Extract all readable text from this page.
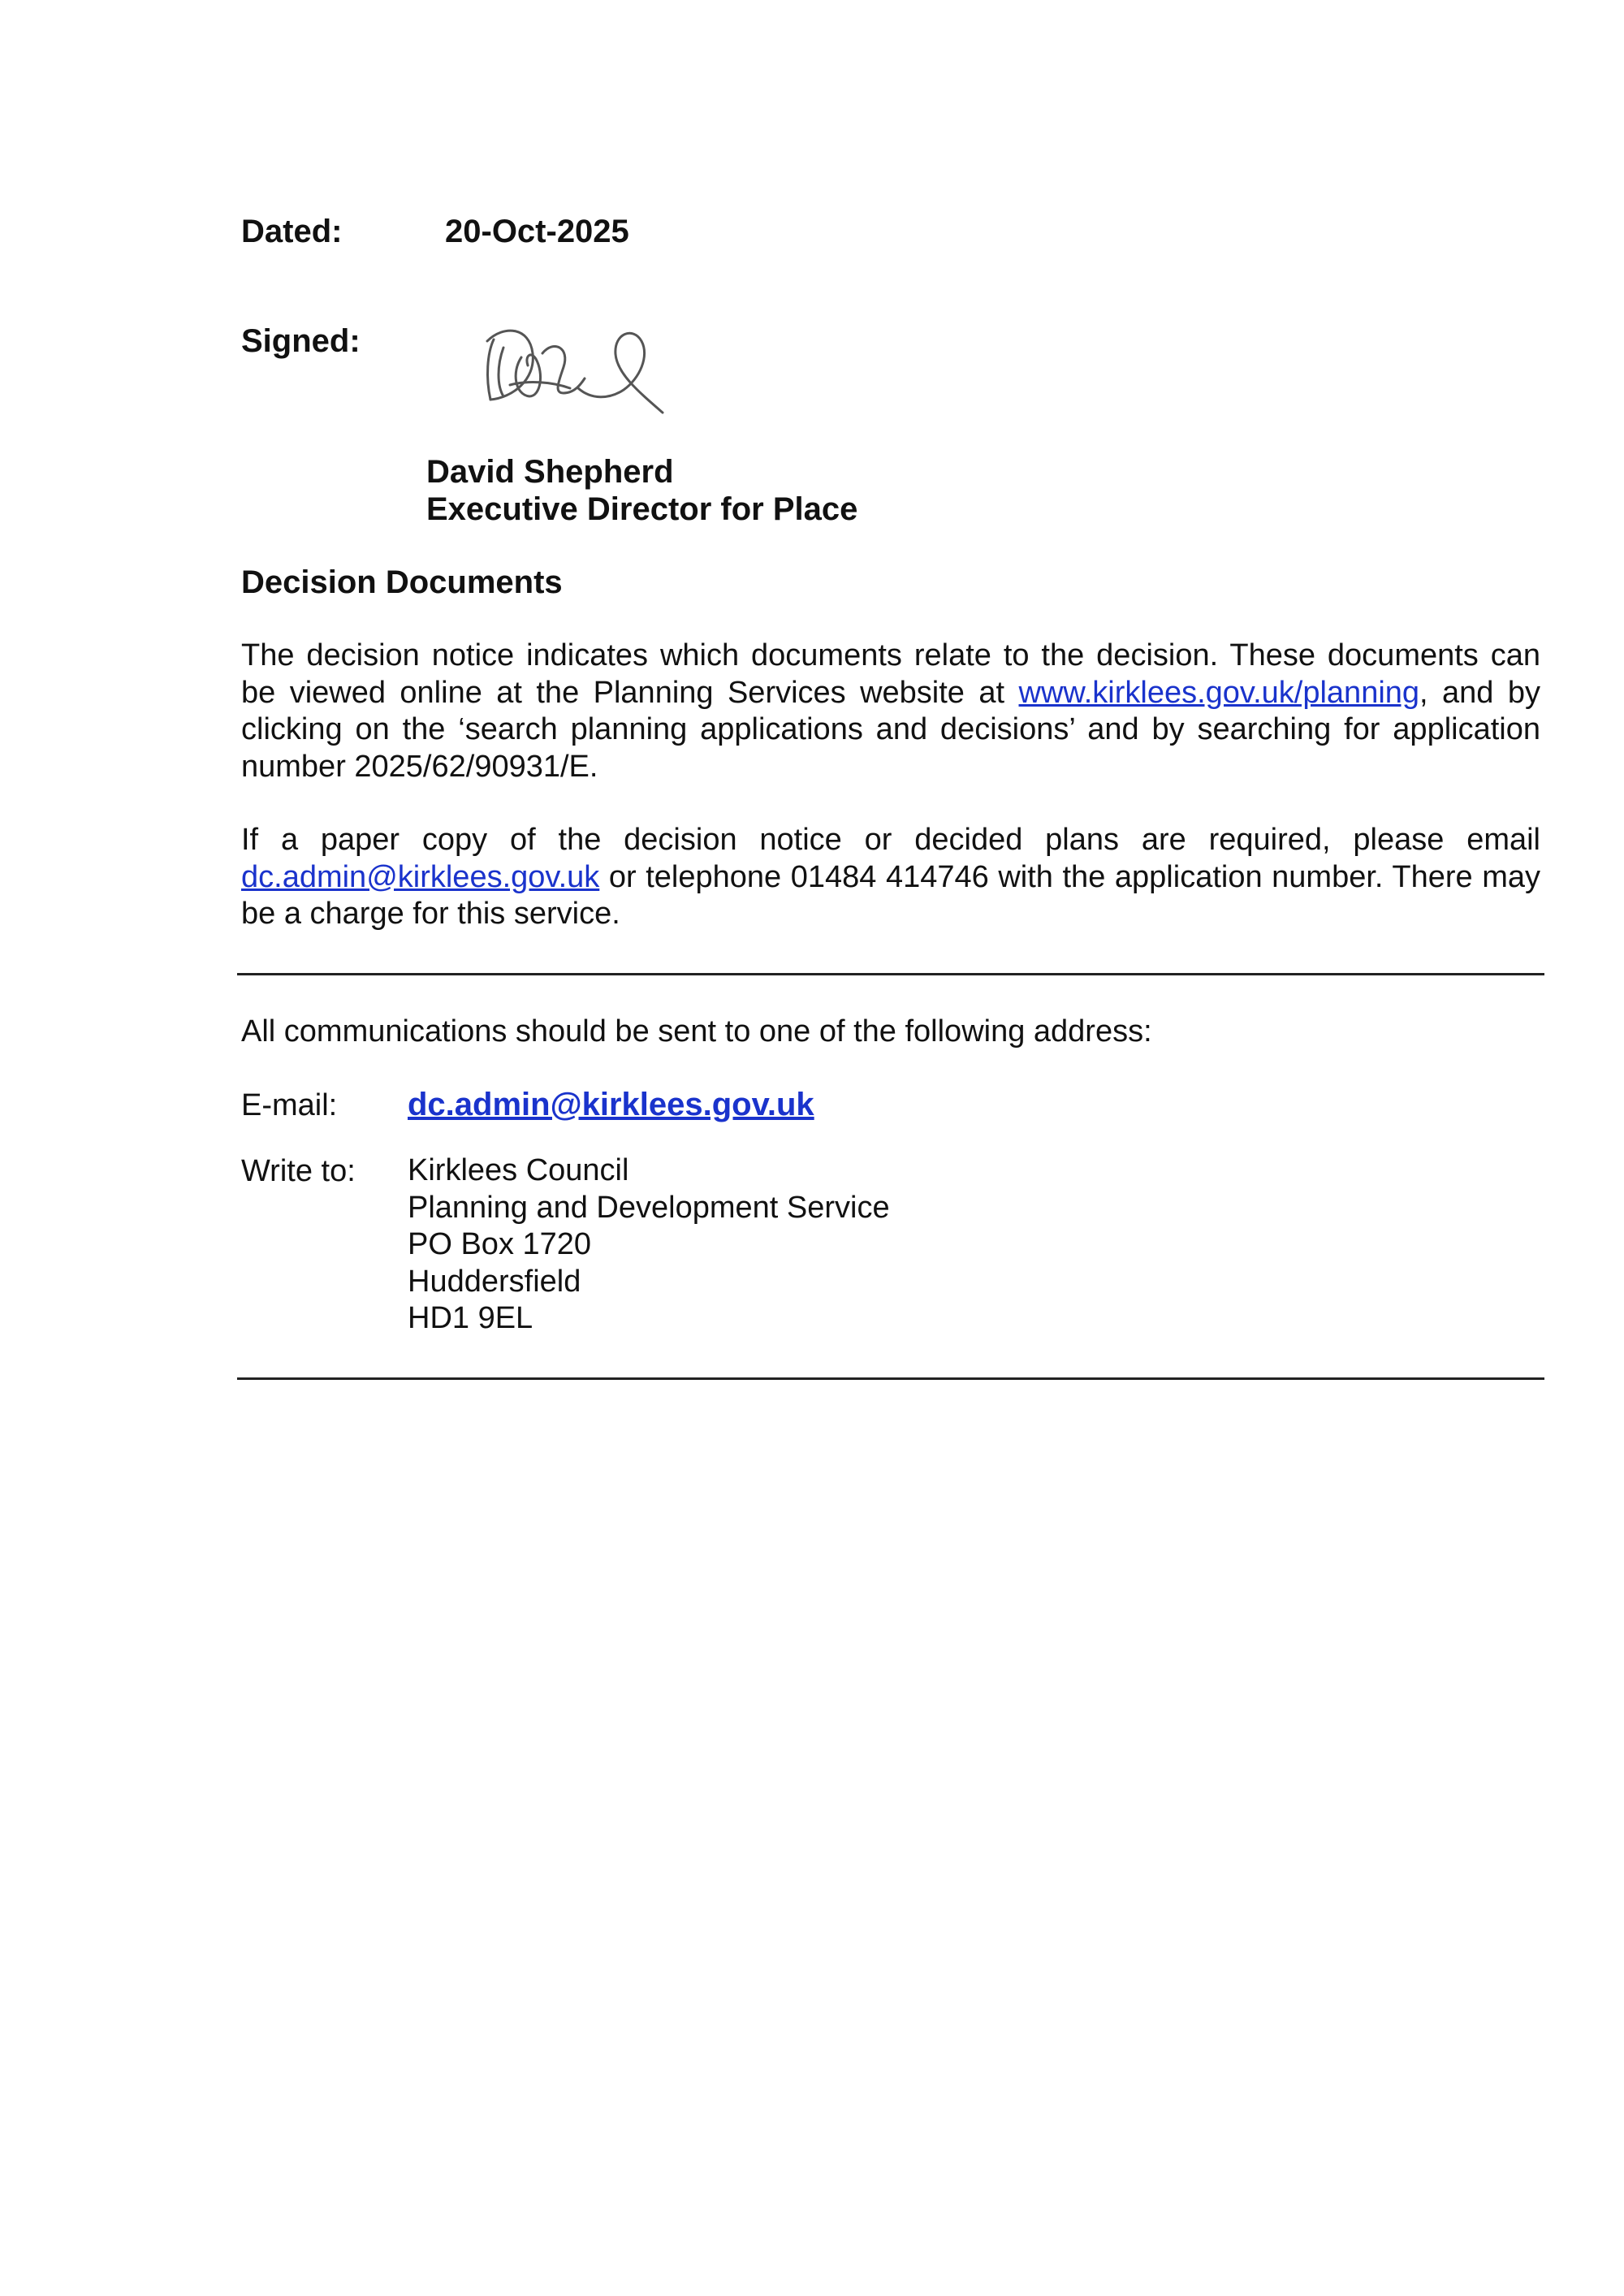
Dated:	20-Oct-2025
Signed:
David Shepherd
Executive Director for Place
Decision Documents
The decision notice indicates which documents relate to the decision. These documents can be viewed online at the Planning Services website at www.kirklees.gov.uk/planning, and by clicking on the ‘search planning applications and decisions’ and by searching for application number 2025/62/90931/E.
If a paper copy of the decision notice or decided plans are required, please email dc.admin@kirklees.gov.uk or telephone 01484 414746 with the application number. There may be a charge for this service.
All communications should be sent to one of the following address:
E-mail: dc.admin@kirklees.gov.uk
Write to: Kirklees Council
Planning and Development Service
PO Box 1720
Huddersfield
HD1 9EL
